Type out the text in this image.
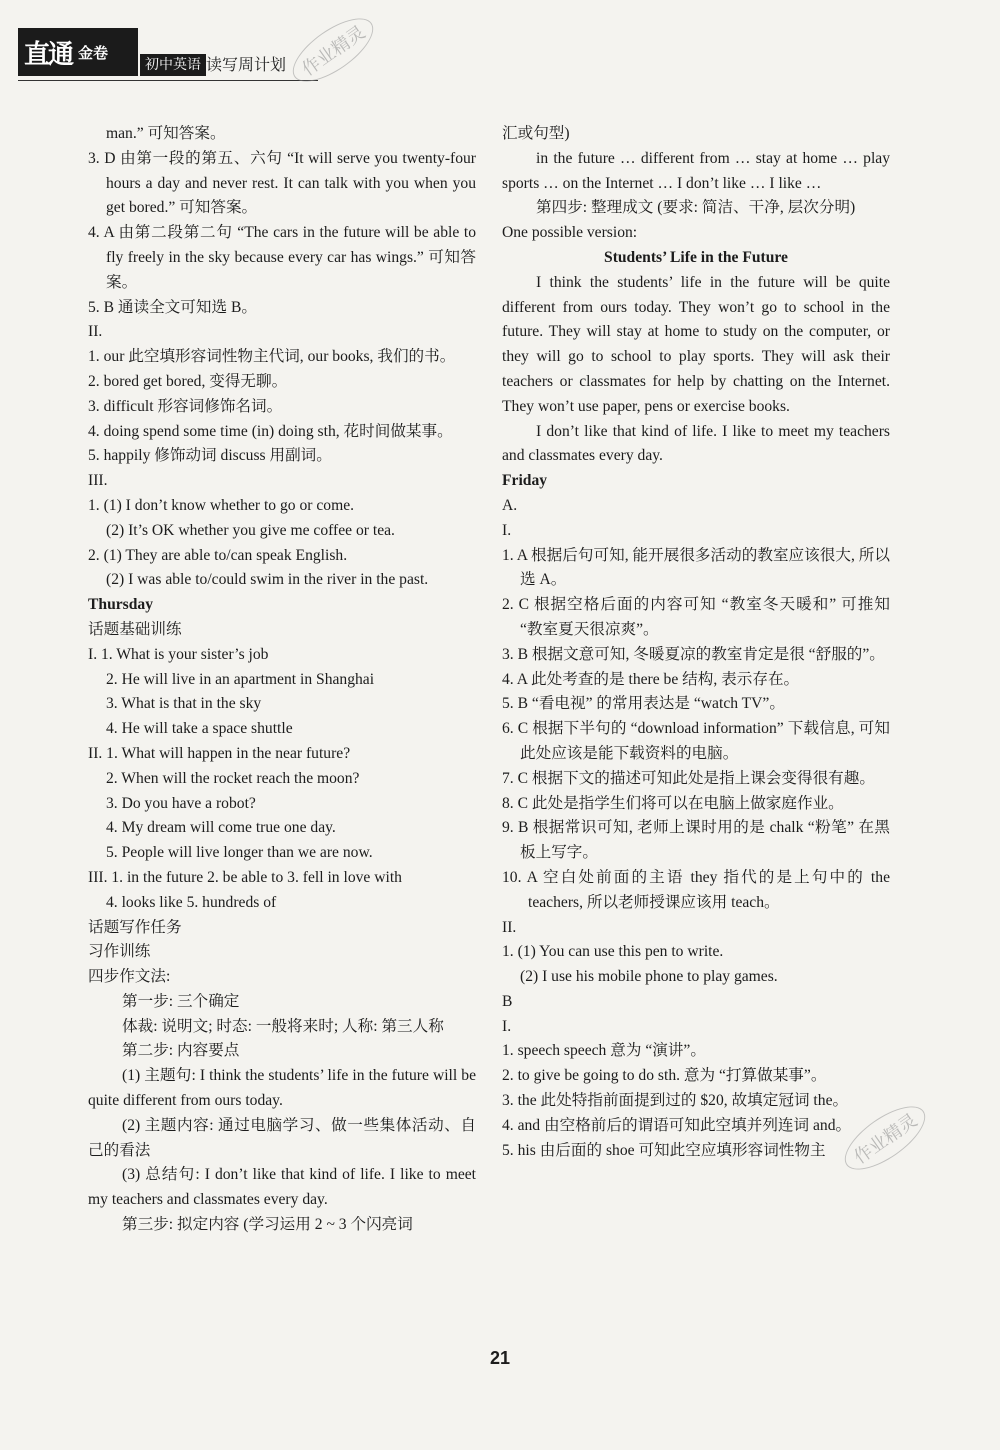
直通 金卷
初中英语 读写周计划 作业精灵
作业精灵

man.” 可知答案。

3. D 由第一段的第五、六句 “It will serve you twenty-four hours a day and never rest. It can talk with you when you get bored.” 可知答案。

4. A 由第二段第二句 “The cars in the future will be able to fly freely in the sky because every car has wings.” 可知答案。

5. B 通读全文可知选 B。

II.

1. our 此空填形容词性物主代词, our books, 我们的书。

2. bored get bored, 变得无聊。

3. difficult 形容词修饰名词。

4. doing spend some time (in) doing sth, 花时间做某事。

5. happily 修饰动词 discuss 用副词。

III.

1. (1) I don’t know whether to go or come.

(2) It’s OK whether you give me coffee or tea.

2. (1) They are able to/can speak English.

(2) I was able to/could swim in the river in the past.

Thursday

话题基础训练

I. 1. What is your sister’s job

2. He will live in an apartment in Shanghai

3. What is that in the sky

4. He will take a space shuttle

II. 1. What will happen in the near future?

2. When will the rocket reach the moon?

3. Do you have a robot?

4. My dream will come true one day.

5. People will live longer than we are now.

III. 1. in the future 2. be able to 3. fell in love with

4. looks like 5. hundreds of

话题写作任务

习作训练

四步作文法:

第一步: 三个确定

体裁: 说明文; 时态: 一般将来时; 人称: 第三人称

第二步: 内容要点

(1) 主题句: I think the students’ life in the future will be quite different from ours today.

(2) 主题内容: 通过电脑学习、做一些集体活动、自己的看法

(3) 总结句: I don’t like that kind of life. I like to meet my teachers and classmates every day.

第三步: 拟定内容 (学习运用 2 ~ 3 个闪亮词

汇或句型)

in the future … different from … stay at home … play sports … on the Internet … I don’t like … I like …

第四步: 整理成文 (要求: 简洁、干净, 层次分明)

One possible version:

Students’ Life in the Future

I think the students’ life in the future will be quite different from ours today. They won’t go to school in the future. They will stay at home to study on the computer, or they will go to school to play sports. They will ask their teachers or classmates for help by chatting on the Internet. They won’t use paper, pens or exercise books.

I don’t like that kind of life. I like to meet my teachers and classmates every day.

Friday

A.

I.

1. A 根据后句可知, 能开展很多活动的教室应该很大, 所以选 A。

2. C 根据空格后面的内容可知 “教室冬天暖和” 可推知 “教室夏天很凉爽”。

3. B 根据文意可知, 冬暖夏凉的教室肯定是很 “舒服的”。

4. A 此处考查的是 there be 结构, 表示存在。

5. B “看电视” 的常用表达是 “watch TV”。

6. C 根据下半句的 “download information” 下载信息, 可知此处应该是能下载资料的电脑。

7. C 根据下文的描述可知此处是指上课会变得很有趣。

8. C 此处是指学生们将可以在电脑上做家庭作业。

9. B 根据常识可知, 老师上课时用的是 chalk “粉笔” 在黑板上写字。

10. A 空白处前面的主语 they 指代的是上句中的 the teachers, 所以老师授课应该用 teach。

II.

1. (1) You can use this pen to write.

(2) I use his mobile phone to play games.

B

I.

1. speech speech 意为 “演讲”。

2. to give be going to do sth. 意为 “打算做某事”。

3. the 此处特指前面提到过的 $20, 故填定冠词 the。

4. and 由空格前后的谓语可知此空填并列连词 and。

5. his 由后面的 shoe 可知此空应填形容词性物主

21
